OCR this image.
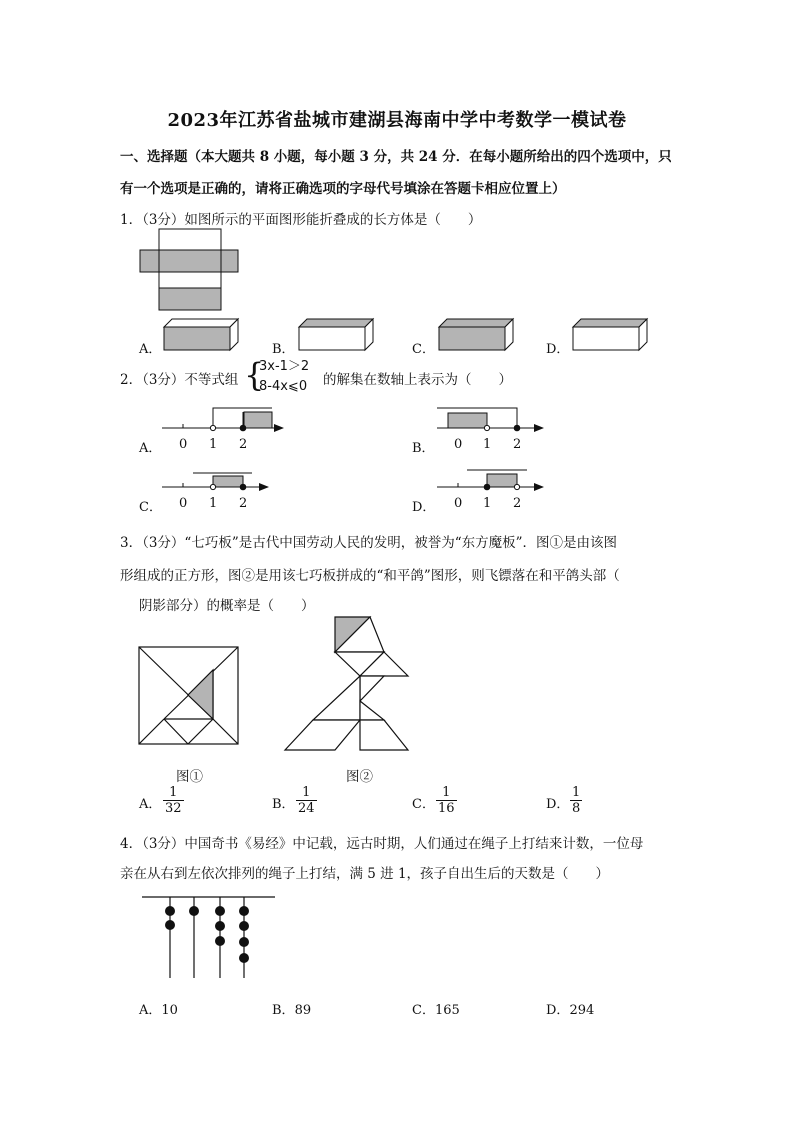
2023年江苏省盐城市建湖县海南中学中考数学一模试卷
一、选择题（本大题共 8 小题，每小题 3 分，共 24 分．在每小题所给出的四个选项中，只
有一个选项是正确的，请将正确选项的字母代号填涂在答题卡相应位置上）
1．（3分）如图所示的平面图形能折叠成的长方体是（　　）
A．	B．	C．	D．
2．（3分）不等式组 {
3x-1＞2
8-4x⩽0 的解集在数轴上表示为（　　）
A．	B．
C．	D．
0 1 2	0 1 2
0 1 2	0 1 2
3．（3分）“七巧板”是古代中国劳动人民的发明，被誉为“东方魔板”．图①是由该图
形组成的正方形，图②是用该七巧板拼成的“和平鸽”图形，则飞镖落在和平鸽头部（
阴影部分）的概率是（　　）
图①	图②
A． $\frac{1}{32}$	B． $\frac{1}{24}$	C． $\frac{1}{16}$	D． $\frac{1}{8}$
4．（3分）中国奇书《易经》中记载，远古时期，人们通过在绳子上打结来计数，一位母
亲在从右到左依次排列的绳子上打结，满 5 进 1，孩子自出生后的天数是（　　）
A．10	B．89	C．165	D．294
